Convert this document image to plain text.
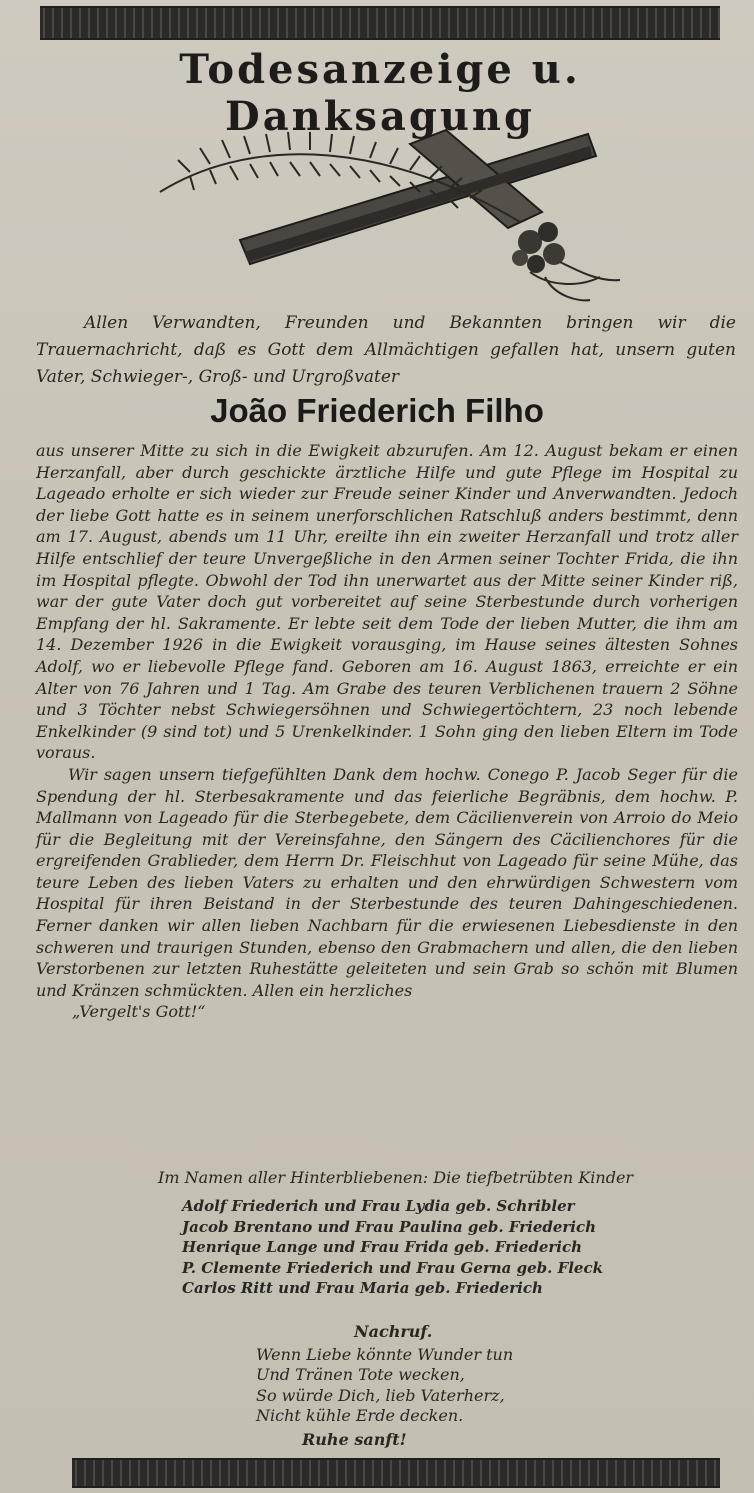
Todesanzeige u. Danksagung

Allen Verwandten, Freunden und Bekannten bringen wir die Trauernachricht, daß es Gott dem Allmächtigen gefallen hat, unsern guten Vater, Schwieger-, Groß- und Urgroßvater

João Friederich Filho

aus unserer Mitte zu sich in die Ewigkeit abzurufen. Am 12. August bekam er einen Herzanfall, aber durch geschickte ärztliche Hilfe und gute Pflege im Hospital zu Lageado erholte er sich wieder zur Freude seiner Kinder und Anverwandten. Jedoch der liebe Gott hatte es in seinem unerforschlichen Ratschluß anders bestimmt, denn am 17. August, abends um 11 Uhr, ereilte ihn ein zweiter Herzanfall und trotz aller Hilfe entschlief der teure Unvergeßliche in den Armen seiner Tochter Frida, die ihn im Hospital pflegte. Obwohl der Tod ihn unerwartet aus der Mitte seiner Kinder riß, war der gute Vater doch gut vorbereitet auf seine Sterbestunde durch vorherigen Empfang der hl. Sakramente. Er lebte seit dem Tode der lieben Mutter, die ihm am 14. Dezember 1926 in die Ewigkeit vorausging, im Hause seines ältesten Sohnes Adolf, wo er liebevolle Pflege fand. Geboren am 16. August 1863, erreichte er ein Alter von 76 Jahren und 1 Tag. Am Grabe des teuren Verblichenen trauern 2 Söhne und 3 Töchter nebst Schwiegersöhnen und Schwiegertöchtern, 23 noch lebende Enkelkinder (9 sind tot) und 5 Urenkelkinder. 1 Sohn ging den lieben Eltern im Tode voraus.

Wir sagen unsern tiefgefühlten Dank dem hochw. Conego P. Jacob Seger für die Spendung der hl. Sterbesakramente und das feierliche Begräbnis, dem hochw. P. Mallmann von Lageado für die Sterbegebete, dem Cäcilienverein von Arroio do Meio für die Begleitung mit der Vereinsfahne, den Sängern des Cäcilienchores für die ergreifenden Grablieder, dem Herrn Dr. Fleischhut von Lageado für seine Mühe, das teure Leben des lieben Vaters zu erhalten und den ehrwürdigen Schwestern vom Hospital für ihren Beistand in der Sterbestunde des teuren Dahingeschiedenen. Ferner danken wir allen lieben Nachbarn für die erwiesenen Liebesdienste in den schweren und traurigen Stunden, ebenso den Grabmachern und allen, die den lieben Verstorbenen zur letzten Ruhestätte geleiteten und sein Grab so schön mit Blumen und Kränzen schmückten. Allen ein herzliches

„Vergelt's Gott!“

Im Namen aller Hinterbliebenen: Die tiefbetrübten Kinder
Adolf Friederich und Frau Lydia geb. Schribler
Jacob Brentano und Frau Paulina geb. Friederich
Henrique Lange und Frau Frida geb. Friederich
P. Clemente Friederich und Frau Gerna geb. Fleck
Carlos Ritt und Frau Maria geb. Friederich
Nachruf.
Wenn Liebe könnte Wunder tun
Und Tränen Tote wecken,
So würde Dich, lieb Vaterherz,
Nicht kühle Erde decken.
Ruhe sanft!
